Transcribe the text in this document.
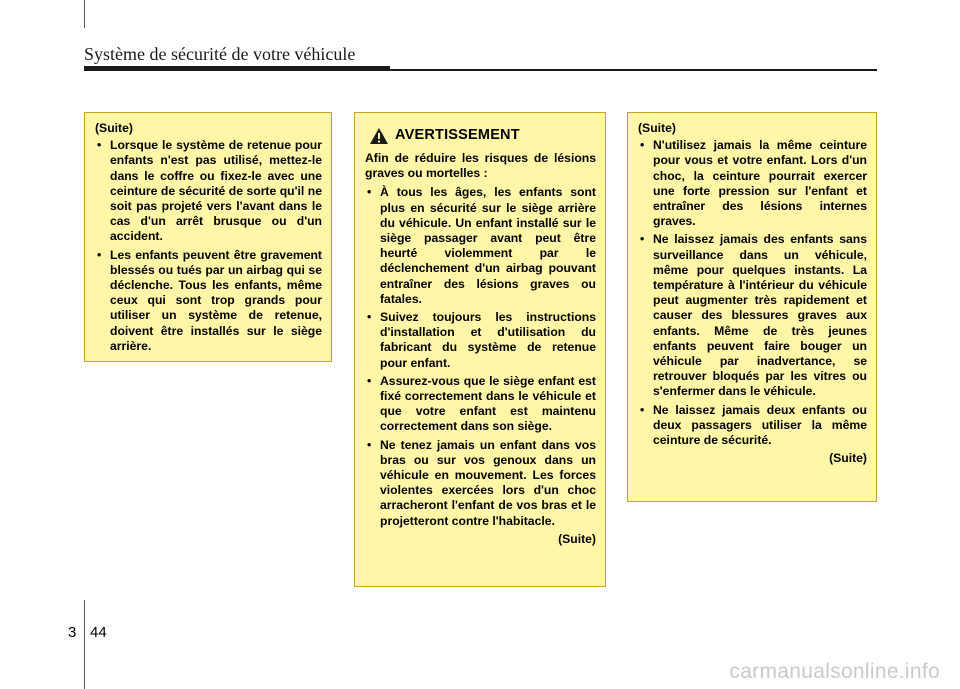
Système de sécurité de votre véhicule
(Suite)
• Lorsque le système de retenue pour enfants n'est pas utilisé, mettez-le dans le coffre ou fixez-le avec une ceinture de sécurité de sorte qu'il ne soit pas projeté vers l'avant dans le cas d'un arrêt brusque ou d'un accident.
• Les enfants peuvent être gravement blessés ou tués par un airbag qui se déclenche. Tous les enfants, même ceux qui sont trop grands pour utiliser un système de retenue, doivent être installés sur le siège arrière.
AVERTISSEMENT
Afin de réduire les risques de lésions graves ou mortelles :
• À tous les âges, les enfants sont plus en sécurité sur le siège arrière du véhicule. Un enfant installé sur le siège passager avant peut être heurté violemment par le déclenchement d'un airbag pouvant entraîner des lésions graves ou fatales.
• Suivez toujours les instructions d'installation et d'utilisation du fabricant du système de retenue pour enfant.
• Assurez-vous que le siège enfant est fixé correctement dans le véhicule et que votre enfant est maintenu correctement dans son siège.
• Ne tenez jamais un enfant dans vos bras ou sur vos genoux dans un véhicule en mouvement. Les forces violentes exercées lors d'un choc arracheront l'enfant de vos bras et le projetteront contre l'habitacle.
(Suite)
(Suite)
• N'utilisez jamais la même ceinture pour vous et votre enfant. Lors d'un choc, la ceinture pourrait exercer une forte pression sur l'enfant et entraîner des lésions internes graves.
• Ne laissez jamais des enfants sans surveillance dans un véhicule, même pour quelques instants. La température à l'intérieur du véhicule peut augmenter très rapidement et causer des blessures graves aux enfants. Même de très jeunes enfants peuvent faire bouger un véhicule par inadvertance, se retrouver bloqués par les vitres ou s'enfermer dans le véhicule.
• Ne laissez jamais deux enfants ou deux passagers utiliser la même ceinture de sécurité.
(Suite)
3 44
carmanualsonline.info
